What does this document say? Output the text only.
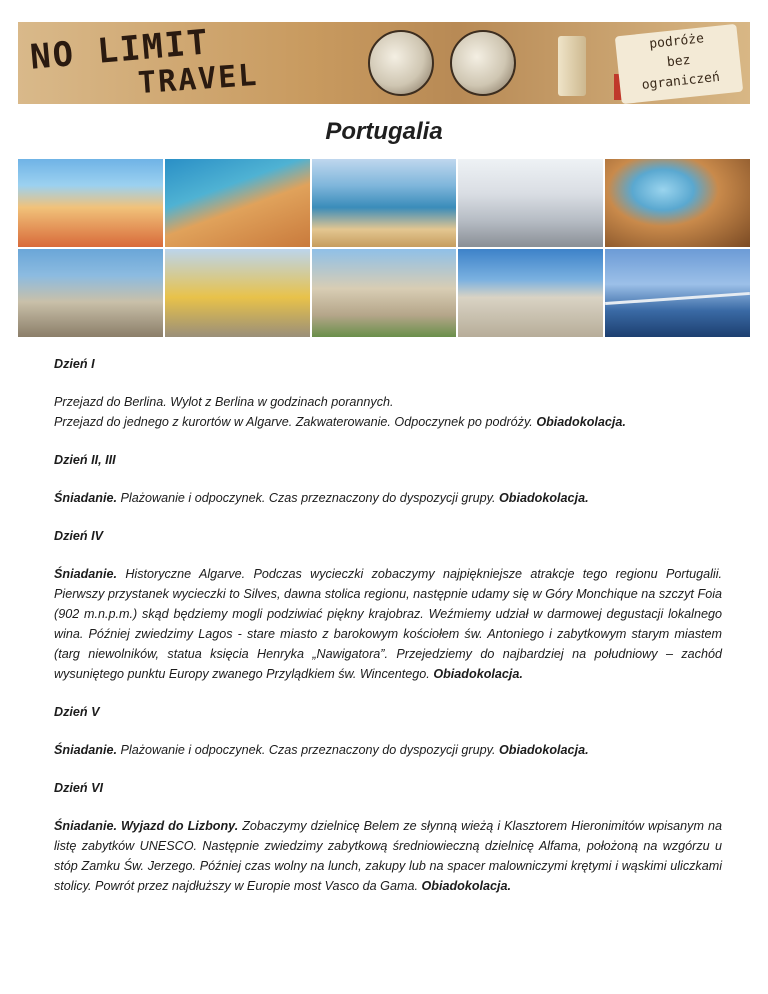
NO LIMIT
TRAVEL
podróże
bez
ograniczeń
Portugalia

Dzień I

Przejazd do Berlina. Wylot z Berlina w godzinach porannych.
Przejazd do jednego z kurortów w Algarve. Zakwaterowanie. Odpoczynek po podróży. Obiadokolacja.

Dzień II, III

Śniadanie. Plażowanie i odpoczynek. Czas przeznaczony do dyspozycji grupy. Obiadokolacja.

Dzień IV

Śniadanie. Historyczne Algarve. Podczas wycieczki zobaczymy najpiękniejsze atrakcje tego regionu Portugalii. Pierwszy przystanek wycieczki to Silves, dawna stolica regionu, następnie udamy się w Góry Monchique na szczyt Foia (902 m.n.p.m.) skąd będziemy mogli podziwiać piękny krajobraz. Weźmiemy udział w darmowej degustacji lokalnego wina. Później zwiedzimy Lagos - stare miasto z barokowym kościołem św. Antoniego i zabytkowym starym miastem (targ niewolników, statua księcia Henryka „Nawigatora”. Przejedziemy do najbardziej na południowy – zachód wysuniętego punktu Europy zwanego Przylądkiem św. Wincentego. Obiadokolacja.

Dzień V

Śniadanie. Plażowanie i odpoczynek. Czas przeznaczony do dyspozycji grupy. Obiadokolacja.

Dzień VI

Śniadanie. Wyjazd do Lizbony. Zobaczymy dzielnicę Belem ze słynną wieżą i Klasztorem Hieronimitów wpisanym na listę zabytków UNESCO. Następnie zwiedzimy zabytkową średniowieczną dzielnicę Alfama, położoną na wzgórzu u stóp Zamku Św. Jerzego. Później czas wolny na lunch, zakupy lub na spacer malowniczymi krętymi i wąskimi uliczkami stolicy. Powrót przez najdłuższy w Europie most Vasco da Gama. Obiadokolacja.
